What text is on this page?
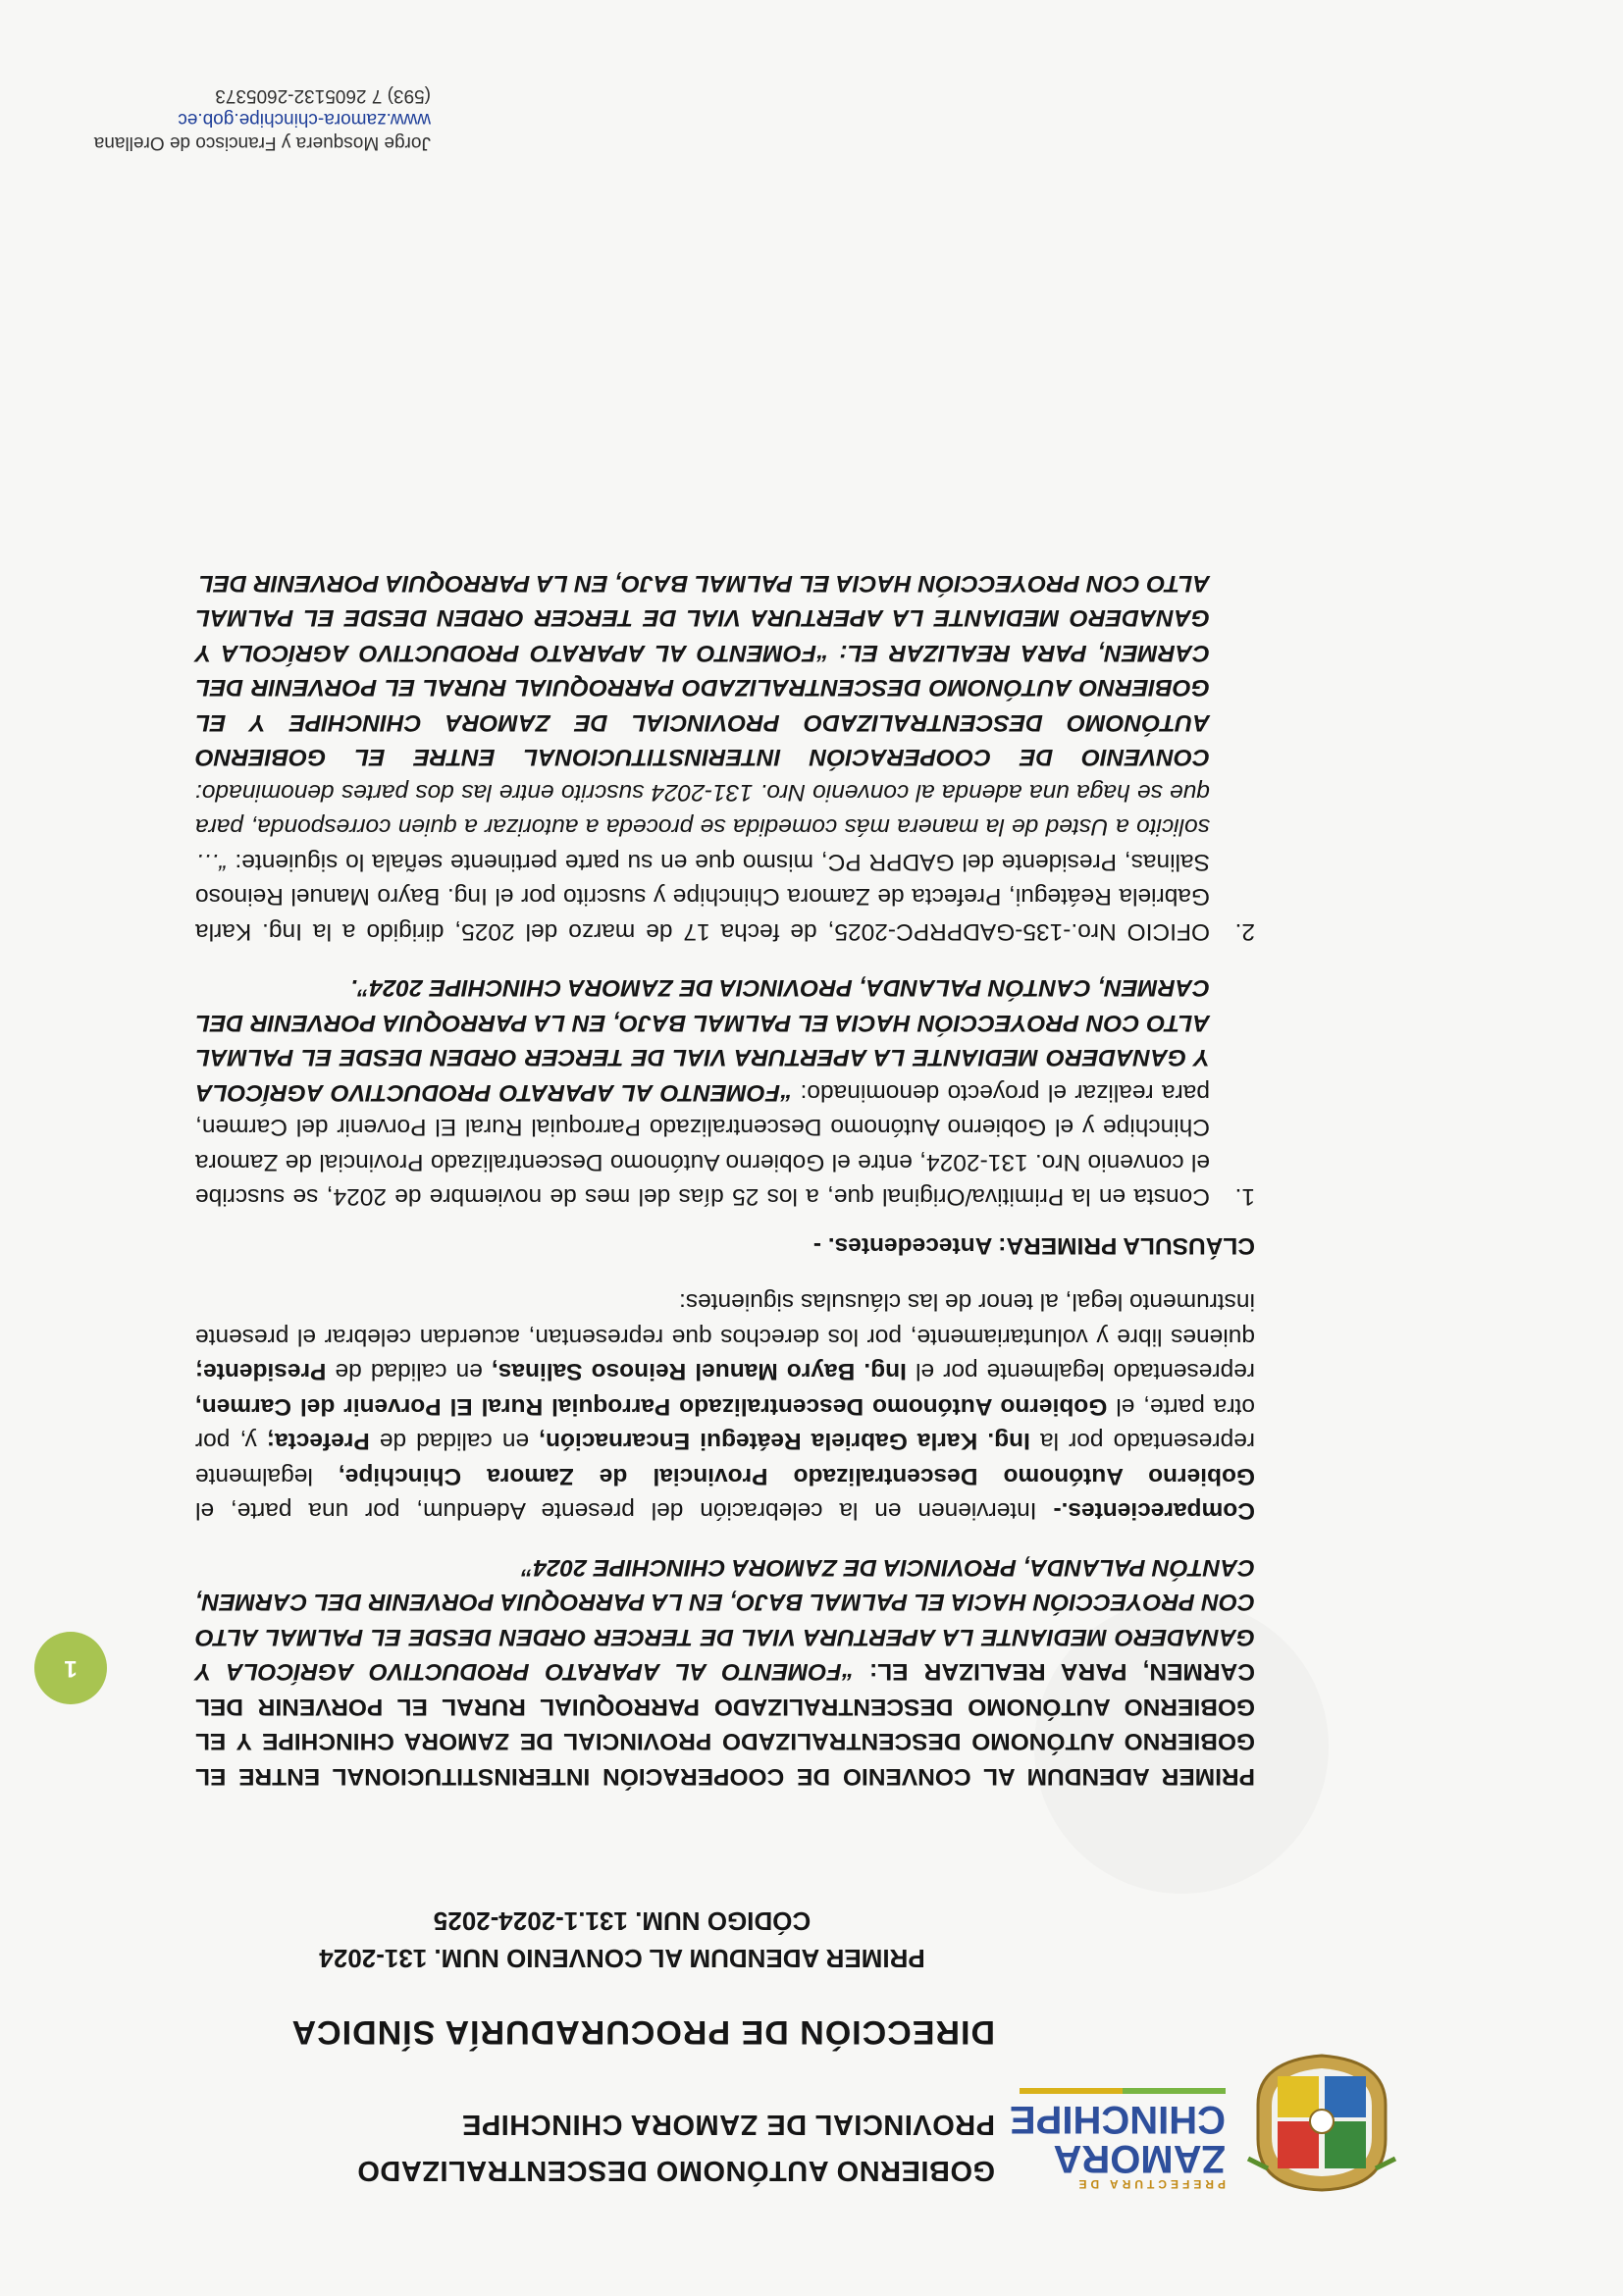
PREFECTURA DE
ZAMORA
CHINCHIPE
GOBIERNO AUTÓNOMO DESCENTRALIZADO
PROVINCIAL DE ZAMORA CHINCHIPE
DIRECCIÓN DE PROCURADURÍA SÍNDICA
PRIMER ADENDUM AL CONVENIO NUM. 131-2024
CÓDIGO NUM. 131.1-2024-2025

PRIMER ADENDUM AL CONVENIO DE COOPERACIÓN INTERINSTITUCIONAL ENTRE EL GOBIERNO AUTÓNOMO DESCENTRALIZADO PROVINCIAL DE ZAMORA CHINCHIPE Y EL GOBIERNO AUTÓNOMO DESCENTRALIZADO PARROQUIAL RURAL EL PORVENIR DEL CARMEN, PARA REALIZAR EL: “FOMENTO AL APARATO PRODUCTIVO AGRÍCOLA Y GANADERO MEDIANTE LA APERTURA VIAL DE TERCER ORDEN DESDE EL PALMAL ALTO CON PROYECCIÓN HACIA EL PALMAL BAJO, EN LA PARROQUIA PORVENIR DEL CARMEN, CANTÓN PALANDA, PROVINCIA DE ZAMORA CHINCHIPE 2024”

Comparecientes.- Intervienen en la celebración del presente Adendum, por una parte, el Gobierno Autónomo Descentralizado Provincial de Zamora Chinchipe, legalmente representado por la Ing. Karla Gabriela Reátegui Encarnación, en calidad de Prefecta; y, por otra parte, el Gobierno Autónomo Descentralizado Parroquial Rural El Porvenir del Carmen, representado legalmente por el Ing. Bayro Manuel Reinoso Salinas, en calidad de Presidente; quienes libre y voluntariamente, por los derechos que representan, acuerdan celebrar el presente instrumento legal, al tenor de las cláusulas siguientes:

CLÁUSULA PRIMERA: Antecedentes. -
1.
Consta en la Primitiva/Original que, a los 25 días del mes de noviembre de 2024, se suscribe el convenio Nro. 131-2024, entre el Gobierno Autónomo Descentralizado Provincial de Zamora Chinchipe y el Gobierno Autónomo Descentralizado Parroquial Rural El Porvenir del Carmen, para realizar el proyecto denominado: “FOMENTO AL APARATO PRODUCTIVO AGRÍCOLA Y GANADERO MEDIANTE LA APERTURA VIAL DE TERCER ORDEN DESDE EL PALMAL ALTO CON PROYECCIÓN HACIA EL PALMAL BAJO, EN LA PARROQUIA PORVENIR DEL CARMEN, CANTÓN PALANDA, PROVINCIA DE ZAMORA CHINCHIPE 2024”.
2.
OFICIO Nro.-135-GADPRPC-2025, de fecha 17 de marzo del 2025, dirigido a la Ing. Karla Gabriela Reátegui, Prefecta de Zamora Chinchipe y suscrito por el Ing. Bayro Manuel Reinoso Salinas, Presidente del GADPR PC, mismo que en su parte pertinente señala lo siguiente: “… solicito a Usted de la manera más comedida se proceda a autorizar a quien corresponda, para que se haga una adenda al convenio Nro. 131-2024 suscrito entre las dos partes denominado: CONVENIO DE COOPERACIÓN INTERINSTITUCIONAL ENTRE EL GOBIERNO AUTÓNOMO DESCENTRALIZADO PROVINCIAL DE ZAMORA CHINCHIPE Y EL GOBIERNO AUTÓNOMO DESCENTRALIZADO PARROQUIAL RURAL EL PORVENIR DEL CARMEN, PARA REALIZAR EL: “FOMENTO AL APARATO PRODUCTIVO AGRÍCOLA Y GANADERO MEDIANTE LA APERTURA VIAL DE TERCER ORDEN DESDE EL PALMAL ALTO CON PROYECCIÓN HACIA EL PALMAL BAJO, EN LA PARROQUIA PORVENIR DEL
1
Jorge Mosquera y Francisco de Orellana
www.zamora-chinchipe.gob.ec
(593) 7 2605132-2605373
